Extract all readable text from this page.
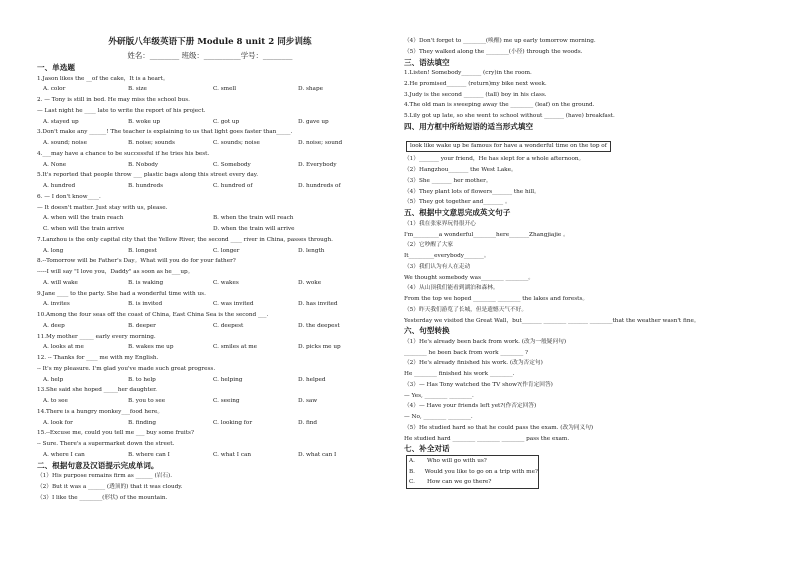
外研版八年级英语下册 Module 8 unit 2 同步训练
姓名：________ 班级：__________学号：________
一、单选题
1.Jason likes the __of the cake，It is a heart。
A. color	B. size	C. smell	D. shape
2. — Tony is still in bed. He may miss the school bus.
— Last night he ____ late to write the report of his project.
A. stayed up	B. woke up	C. got up	D. gave up
3.Don't make any ______! The teacher is explaining to us that light goes faster than_____.
A. sound; noise	B. noise; sounds	C. sounds; noise	D. noise; sound
4.___may have a chance to be successful if he tries his best.
A. None	B. Nobody	C. Somebody	D. Everybody
5.It's reported that people throw ___ plastic bags along this street every day.
A. hundred	B. hundreds	C. hundred of	D. hundreds of
6. — I don't know____.
— It doesn't matter. Just stay with us, please.
A. when will the train reach	B. when the train will reach
C. when will the train arrive	D. when the train will arrive
7.Lanzhou is the only capital city that the Yellow River, the second ____ river in China, passes through.
A. long	B. longest	C. longer	D. length
8.--Tomorrow will be Father's Day。What will you do for your father?
-----I will say "I love you，Daddy" as soon as he___up。
A. will wake	B. is waking	C. wakes	D. woke
9.Jane ____ to the party. She had a wonderful time with us.
A. invites	B. is invited	C. was invited	D. has invited
10.Among the four seas off the coast of China, East China Sea is the second ___.
A. deep	B. deeper	C. deepest	D. the deepest
11.My mother _____ early every morning.
A. looks at me	B. wakes me up	C. smiles at me	D. picks me up
12. -- Thanks for ____ me with my English.
-- It's my pleasure. I'm glad you've made such great progress.
A. help	B. to help	C. helping	D. helped
13.She said she hoped _____her daughter.
A. to see	B. you to see	C. seeing	D. saw
14.There is a hungry monkey___food here。
A. look for	B. finding	C. looking for	D. find
15.--Excuse me, could you tell me ___ buy some fruits?
-- Sure. There's a supermarket down the street.
A. where I can	B. where can I	C. what I can	D. what can I
二、根据句意及汉语提示完成单词。
（1）His purpose remains firm as ______ (岩石).
（2）But it was a ______ (透顶的) that it was cloudy.
（3）I like the ________(形状) of the mountain.
（4）Don't forget to ________(唤醒) me up early tomorrow morning.
（5）They walked along the ________(小径) through the woods.
三、语法填空
1.Listen! Somebody_______ (cry)in the room.
2.He promised_______ (return)my bike next week.
3.Judy is the second _______ (tall) boy in his class.
4.The old man is sweeping away the ________ (leaf) on the ground.
5.Lily got up late, so she went to school without _______ (have) breakfast.
四、用方框中所给短语的适当形式填空
look like wake up be famous for have a wonderful time on the top of
（1）_______ your friend，He has slept for a whole afternoon。
（2）Hangzhou_______ the West Lake。
（3）She _______ her mother。
（4）They plant lots of flowers_______ the hill。
（5）They got together and_______ 。
五、根据中文意思完成英文句子
（1）我在张家界玩得很开心
I'm_________a wonderful________here_______Zhangjiajie 。
（2）它吵醒了大家
It_________everybody_______。
（3）我们认为有人在走动
We thought somebody was________ ________。
（4）从山顶我们能看到湖泊和森林。
From the top we hoped ________ ________ the lakes and forests。
（5）昨天我们游览了长城，但是遗憾天气不好。
Yesterday we visited the Great Wall，but_______ ________ _______ ________that the weather wasn't fine。
六、句型转换
（1）He's already been back from work. (改为一般疑问句)
________ he been back from work ________ ?
（2）He's already finished his work. (改为否定句)
He ________ finished his work ________.
（3）— Has Tony watched the TV show?(作肯定回答)
— Yes, ________ ________.
（4）— Have your friends left yet?(作否定回答)
— No, ________ ________.
（5）He studied hard so that he could pass the exam. (改为同义句)
He studied hard ________ ________ ________ pass the exam.
七、补全对话
A.	Who will go with us?
B.	Would you like to go on a trip with me?
C.	How can we go there?
